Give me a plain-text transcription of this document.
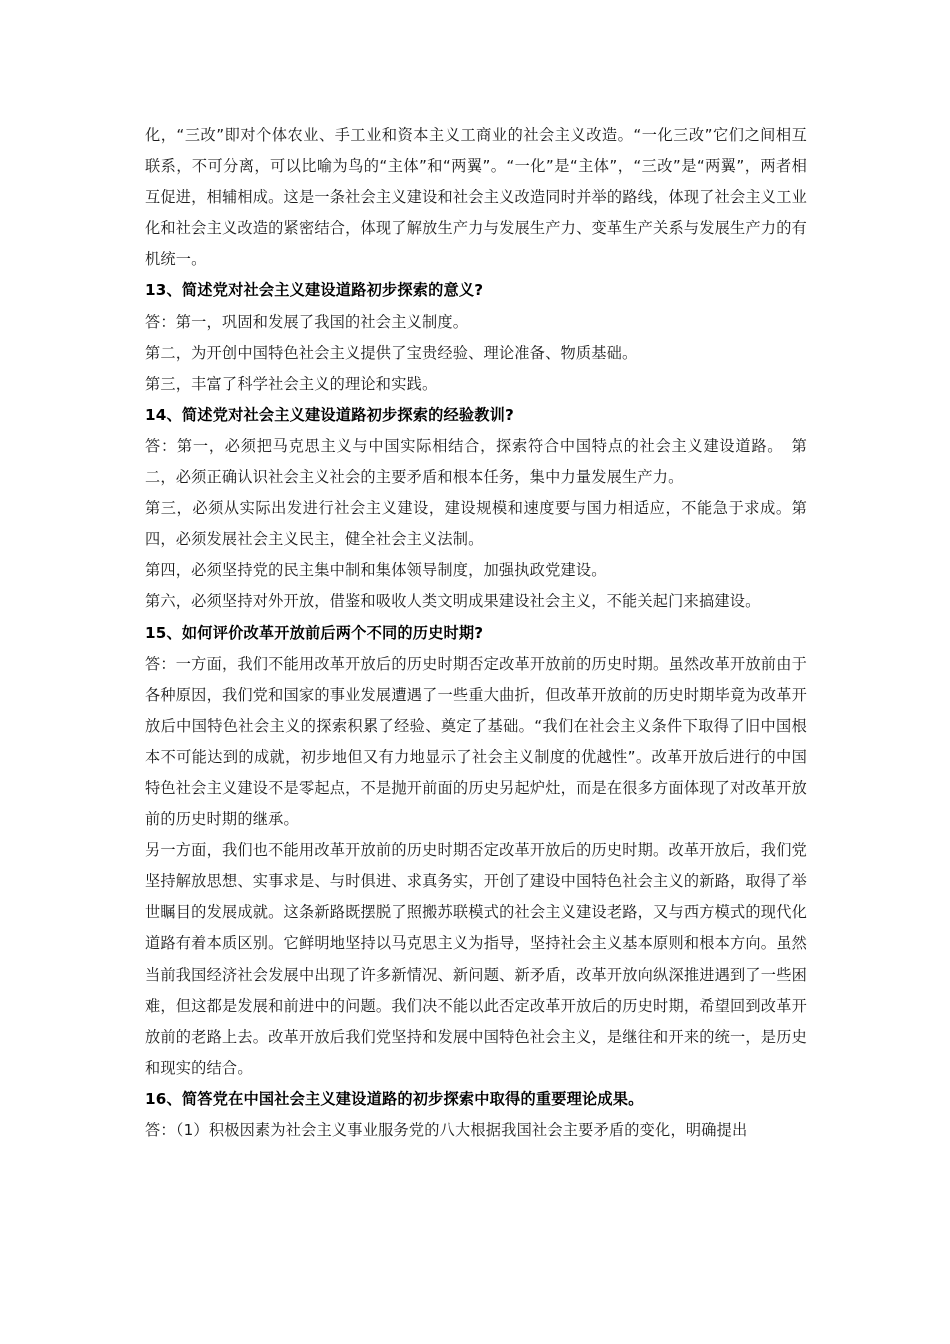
化，“三改”即对个体农业、手工业和资本主义工商业的社会主义改造。“一化三改”它们之间相互联系，不可分离，可以比喻为鸟的“主体”和“两翼”。“一化”是“主体”，“三改”是“两翼”，两者相互促进，相辅相成。这是一条社会主义建设和社会主义改造同时并举的路线，体现了社会主义工业化和社会主义改造的紧密结合，体现了解放生产力与发展生产力、变革生产关系与发展生产力的有机统一。

13、简述党对社会主义建设道路初步探索的意义?

答：第一，巩固和发展了我国的社会主义制度。

第二，为开创中国特色社会主义提供了宝贵经验、理论准备、物质基础。

第三，丰富了科学社会主义的理论和实践。

14、简述党对社会主义建设道路初步探索的经验教训?

答：第一，必须把马克思主义与中国实际相结合，探索符合中国特点的社会主义建设道路。　第二，必须正确认识社会主义社会的主要矛盾和根本任务，集中力量发展生产力。

第三，必须从实际出发进行社会主义建设，建设规模和速度要与国力相适应，不能急于求成。第四，必须发展社会主义民主，健全社会主义法制。

第四，必须坚持党的民主集中制和集体领导制度，加强执政党建设。

第六，必须坚持对外开放，借鉴和吸收人类文明成果建设社会主义，不能关起门来搞建设。

15、如何评价改革开放前后两个不同的历史时期?

答：一方面，我们不能用改革开放后的历史时期否定改革开放前的历史时期。虽然改革开放前由于各种原因，我们党和国家的事业发展遭遇了一些重大曲折，但改革开放前的历史时期毕竟为改革开放后中国特色社会主义的探索积累了经验、奠定了基础。“我们在社会主义条件下取得了旧中国根本不可能达到的成就，初步地但又有力地显示了社会主义制度的优越性”。改革开放后进行的中国特色社会主义建设不是零起点，不是抛开前面的历史另起炉灶，而是在很多方面体现了对改革开放前的历史时期的继承。

另一方面，我们也不能用改革开放前的历史时期否定改革开放后的历史时期。改革开放后，我们党坚持解放思想、实事求是、与时俱进、求真务实，开创了建设中国特色社会主义的新路，取得了举世瞩目的发展成就。这条新路既摆脱了照搬苏联模式的社会主义建设老路，又与西方模式的现代化道路有着本质区别。它鲜明地坚持以马克思主义为指导，坚持社会主义基本原则和根本方向。虽然当前我国经济社会发展中出现了许多新情况、新问题、新矛盾，改革开放向纵深推进遇到了一些困难，但这都是发展和前进中的问题。我们决不能以此否定改革开放后的历史时期，希望回到改革开放前的老路上去。改革开放后我们党坚持和发展中国特色社会主义，是继往和开来的统一，是历史和现实的结合。

16、简答党在中国社会主义建设道路的初步探索中取得的重要理论成果。

答：（1）积极因素为社会主义事业服务党的八大根据我国社会主要矛盾的变化，明确提出
